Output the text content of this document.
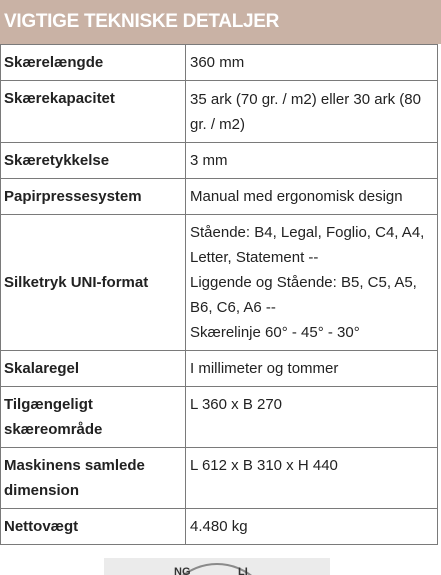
VIGTIGE TEKNISKE DETALJER
Skærelængde	360 mm

Skærekapacitet	35 ark (70 gr. / m2) eller 30 ark (80
gr. / m2)

Skæretykkelse	3 mm

Papirpressesystem	Manual med ergonomisk design

Silketryk UNI-format	Stående: B4, Legal, Foglio, C4, A4,
Letter, Statement --
Liggende og Stående: B5, C5, A5,
B6, C6, A6 --
Skærelinje 60° - 45° - 30°

Skalaregel	I millimeter og tommer

Tilgængeligt
skæreområde	L 360 x B 270

Maskinens samlede
dimension	L 612 x B 310 x H 440

Nettovægt	4.480 kg
NG	LI
